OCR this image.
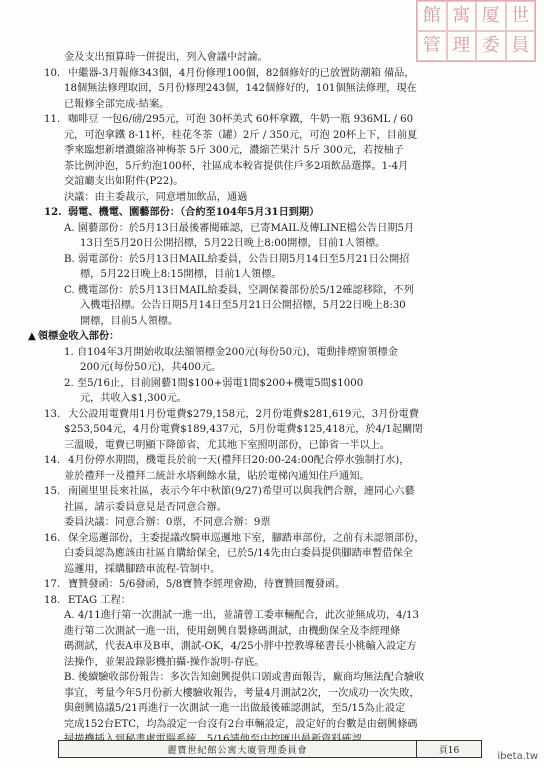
館 寓 厦 世
管 理 委 員
金及支出預算時一併提出，列入會議中討論。
10. 中繼器-3月報修343個，4月份修理100個，82個修好的已放置防潮箱 備品，
18個無法修理取回，5月份修理243個，142個修好的，101個無法修理，現在
已報修全部完成-結案。
11. 咖啡豆 一包6/磅/295元，可泡 30杯美式 60杯拿鐵，牛奶一瓶 936ML / 60
元，可泡拿鐵 8-11杯，桂花冬茶（罐）2斤 / 350元，可泡 20杯上下，目前夏
季來臨想新增濃縮洛神梅茶 5斤 300元，濃縮芒果汁 5斤 300元，若按柚子
茶比例沖泡，5斤約泡100杯，社區成本較省提供住戶多2項飲品選擇。1-4月
交誼廳支出如附件(P22)。
決議：由主委裁示，同意增加飲品，通過
12. 弱電、機電、園藝部份：（合約至104年5月31日到期）
A. 園藝部份：於5月13日最後審閱確認，已寄MAIL及傳LINE檔公告日期5月
13日至5月20日公開招標，5月22日晚上8:00開標，目前1人領標。
B. 弱電部份：於5月13日MAIL給委員，公告日期5月14日至5月21日公開招
標，5月22日晚上8:15開標，目前1人領標。
C. 機電部份：於5月13日MAIL給委員，空調保養部份於5/12確認移除，不列
入機電招標。公告日期5月14日至5月21日公開招標，5月22日晚上8:30
開標，目前5人領標。
▲ 領標金收入部份：
1. 自104年3月開始收取法額領標金200元(每份50元)，電動排煙窗領標金
200元(每份50元)，共400元。
2. 至5/16止，目前園藝1間$100+弱電1間$200+機電5間$1000
元，共收入$1,300元。
13. 大公設用電費用1月份電費$279,158元，2月份電費$281,619元，3月份電費
$253,504元，4月份電費$189,437元，5月份電費$125,418元，於4/1起關閉
三溫暖，電費已明顯下降節省，尤其地下室照明部份，已節省一半以上。
14. 4月份停水期間，機電長於前一天(禮拜日20:00-24:00配合停水強制打水)，
並於禮拜一及禮拜二統計水塔剩餘水量，貼於電梯內通知住戶通知。
15. 南園里里長來社區，表示今年中秋節(9/27)希望可以與我們合辦，連同心六藝
社區，請示委員意見是否同意合辦。
委員決議：同意合辦：0票，不同意合辦：9票
16. 保全巡邏部份，主委提議改騎車巡邏地下室，腳踏車部份，之前有未認領部份，
白委員認為應該由社區自購給保全，已於5/14先由白委員提供腳踏車暫借保全
巡邏用，採購腳踏車流程-管制中。
17. 寶贊發函：5/6發函，5/8寶贊李經理會勘，待寶贊回覆發函。
18. ETAG 工程：
A. 4/11進行第一次測試一進一出，並請曾工委車輛配合，此次並無成功，4/13
進行第二次測試一進一出，使用劍興自製條碼測試，由機動保全及李經理條
碼測試，代表A車及B車，測試-OK，4/25小胖中控教導秘書長小桃輸入設定方
法操作，並架設錄影機拍攝-操作說明-存底。
B. 後續驗收部份報告：多次告知劍興提供口頭或書面報告，廠商均無法配合驗收
事宜，考量今年5月份新大樓驗收報告，考量4月測試2次，一次成功一次失敗，
與劍興協議5/21再進行一次測試一進一出做最後確認測試，至5/15為止設定
完成152台ETC，均為設定一台沒有2台車輛設定，設定好的台數是由劍興條碼
麗寶世紀館公寓大廈管理委員會	頁16
ibeta.tw
